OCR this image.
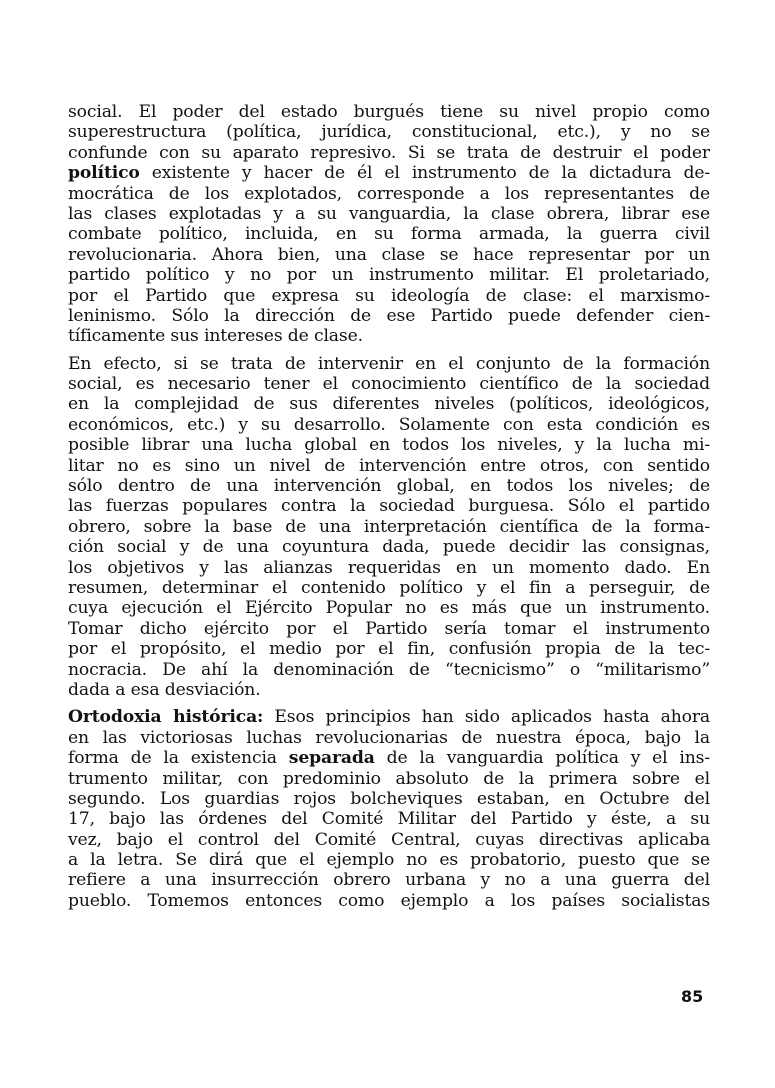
social. El poder del estado burgués tiene su nivel propio como
superestructura (política, jurídica, constitucional, etc.), y no se
confunde con su aparato represivo. Si se trata de destruir el poder
político existente y hacer de él el instrumento de la dictadura de-
mocrática de los explotados, corresponde a los representantes de
las clases explotadas y a su vanguardia, la clase obrera, librar ese
combate político, incluida, en su forma armada, la guerra civil
revolucionaria. Ahora bien, una clase se hace representar por un
partido político y no por un instrumento militar. El proletariado,
por el Partido que expresa su ideología de clase: el marxismo-
leninismo. Sólo la dirección de ese Partido puede defender cien-
tíficamente sus intereses de clase.
En efecto, si se trata de intervenir en el conjunto de la formación
social, es necesario tener el conocimiento científico de la sociedad
en la complejidad de sus diferentes niveles (políticos, ideológicos,
económicos, etc.) y su desarrollo. Solamente con esta condición es
posible librar una lucha global en todos los niveles, y la lucha mi-
litar no es sino un nivel de intervención entre otros, con sentido
sólo dentro de una intervención global, en todos los niveles; de
las fuerzas populares contra la sociedad burguesa. Sólo el partido
obrero, sobre la base de una interpretación científica de la forma-
ción social y de una coyuntura dada, puede decidir las consignas,
los objetivos y las alianzas requeridas en un momento dado. En
resumen, determinar el contenido político y el fin a perseguir, de
cuya ejecución el Ejército Popular no es más que un instrumento.
Tomar dicho ejército por el Partido sería tomar el instrumento
por el propósito, el medio por el fin, confusión propia de la tec-
nocracia. De ahí la denominación de “tecnicismo” o “militarismo”
dada a esa desviación.
Ortodoxia histórica: Esos principios han sido aplicados hasta ahora
en las victoriosas luchas revolucionarias de nuestra época, bajo la
forma de la existencia separada de la vanguardia política y el ins-
trumento militar, con predominio absoluto de la primera sobre el
segundo. Los guardias rojos bolcheviques estaban, en Octubre del
17, bajo las órdenes del Comité Militar del Partido y éste, a su
vez, bajo el control del Comité Central, cuyas directivas aplicaba
a la letra. Se dirá que el ejemplo no es probatorio, puesto que se
refiere a una insurrección obrero urbana y no a una guerra del
pueblo. Tomemos entonces como ejemplo a los países socialistas
85
